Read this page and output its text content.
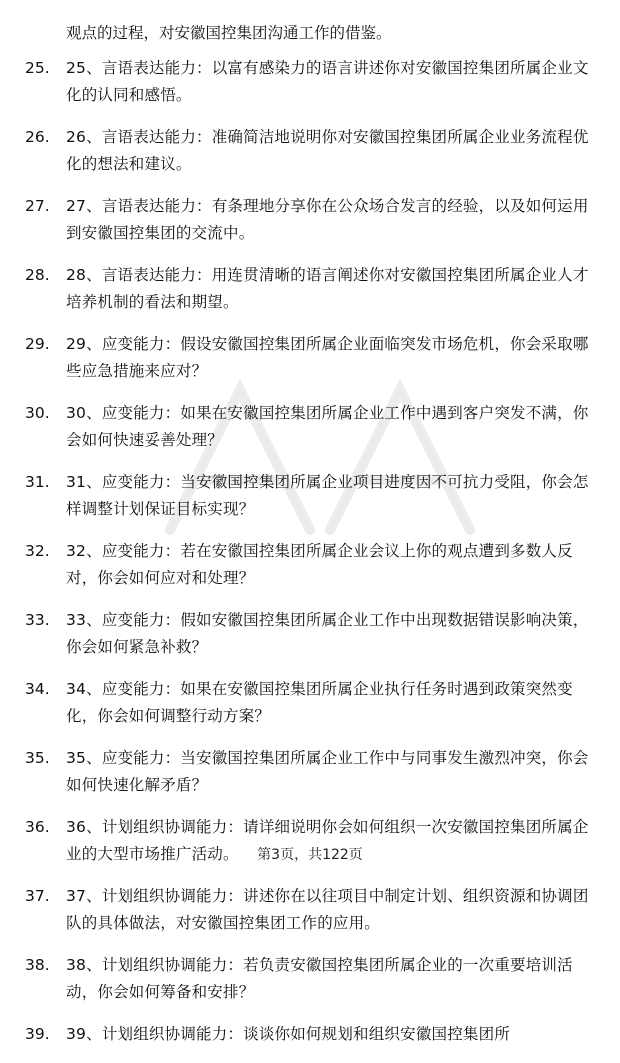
观点的过程，对安徽国控集团沟通工作的借鉴。

25.	25、言语表达能力：以富有感染力的语言讲述你对安徽国控集团所属企业文化的认同和感悟。
26.	26、言语表达能力：准确简洁地说明你对安徽国控集团所属企业业务流程优化的想法和建议。
27.	27、言语表达能力：有条理地分享你在公众场合发言的经验，以及如何运用到安徽国控集团的交流中。
28.	28、言语表达能力：用连贯清晰的语言阐述你对安徽国控集团所属企业人才培养机制的看法和期望。
29.	29、应变能力：假设安徽国控集团所属企业面临突发市场危机，你会采取哪些应急措施来应对？
30.	30、应变能力：如果在安徽国控集团所属企业工作中遇到客户突发不满，你会如何快速妥善处理？
31.	31、应变能力：当安徽国控集团所属企业项目进度因不可抗力受阻，你会怎样调整计划保证目标实现？
32.	32、应变能力：若在安徽国控集团所属企业会议上你的观点遭到多数人反对，你会如何应对和处理？
33.	33、应变能力：假如安徽国控集团所属企业工作中出现数据错误影响决策，你会如何紧急补救？
34.	34、应变能力：如果在安徽国控集团所属企业执行任务时遇到政策突然变化，你会如何调整行动方案？
35.	35、应变能力：当安徽国控集团所属企业工作中与同事发生激烈冲突，你会如何快速化解矛盾？
36.	36、计划组织协调能力：请详细说明你会如何组织一次安徽国控集团所属企业的大型市场推广活动。
37.	37、计划组织协调能力：讲述你在以往项目中制定计划、组织资源和协调团队的具体做法，对安徽国控集团工作的应用。
38.	38、计划组织协调能力：若负责安徽国控集团所属企业的一次重要培训活动，你会如何筹备和安排？
39.	39、计划组织协调能力：谈谈你如何规划和组织安徽国控集团所
第3页，共122页
